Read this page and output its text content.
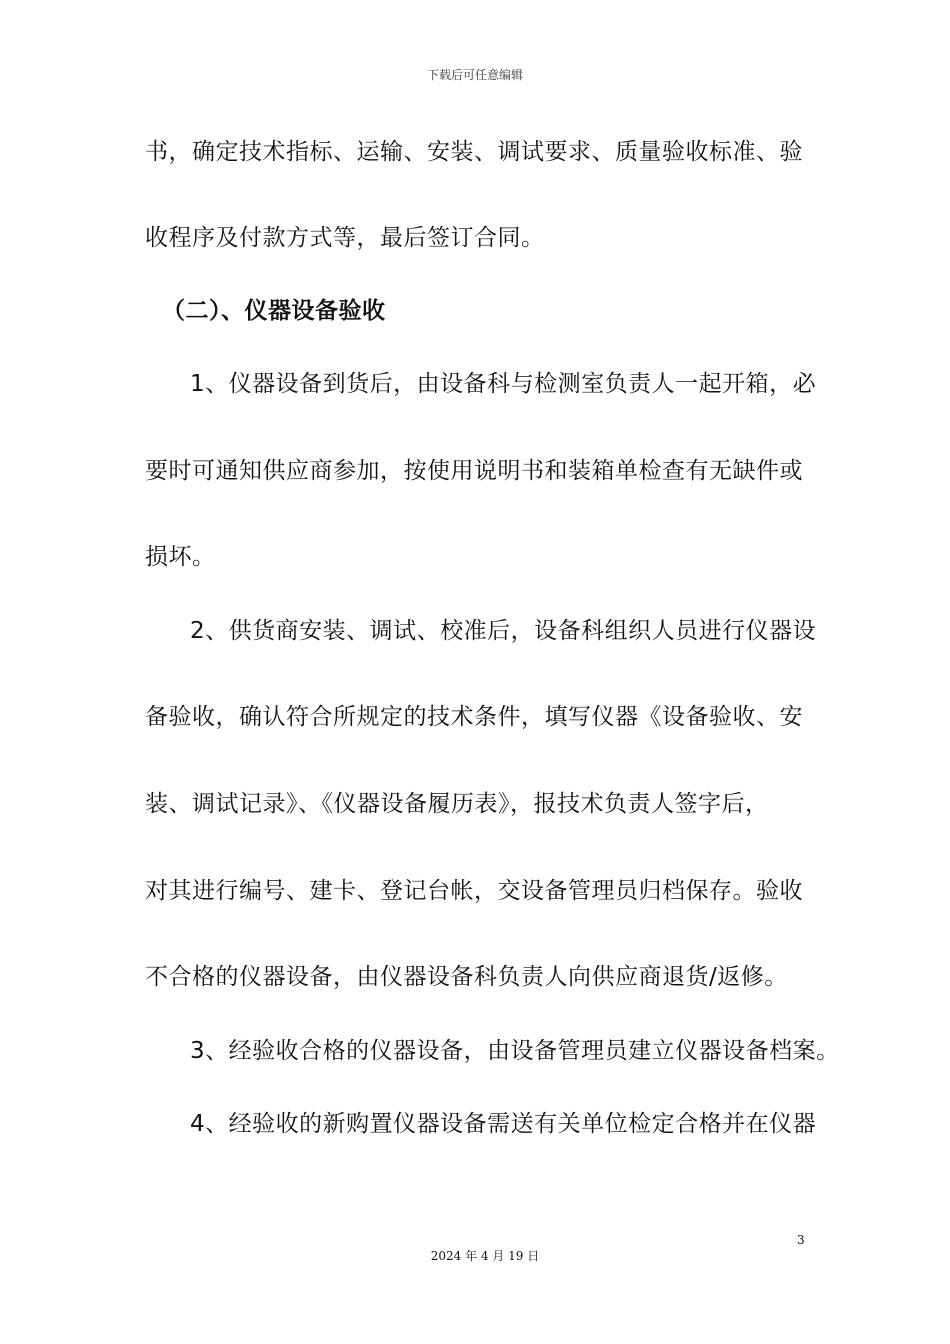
下载后可任意编辑
书，确定技术指标、运输、安装、调试要求、质量验收标准、验
收程序及付款方式等，最后签订合同。
（二）、仪器设备验收
1、仪器设备到货后，由设备科与检测室负责人一起开箱，必
要时可通知供应商参加，按使用说明书和装箱单检查有无缺件或
损坏。
2、供货商安装、调试、校准后，设备科组织人员进行仪器设
备验收，确认符合所规定的技术条件，填写仪器《设备验收、安
装、调试记录》、《仪器设备履历表》，报技术负责人签字后，
对其进行编号、建卡、登记台帐，交设备管理员归档保存。验收
不合格的仪器设备，由仪器设备科负责人向供应商退货/返修。
3、经验收合格的仪器设备，由设备管理员建立仪器设备档案。
4、经验收的新购置仪器设备需送有关单位检定合格并在仪器
3
2024 年 4 月 19 日
